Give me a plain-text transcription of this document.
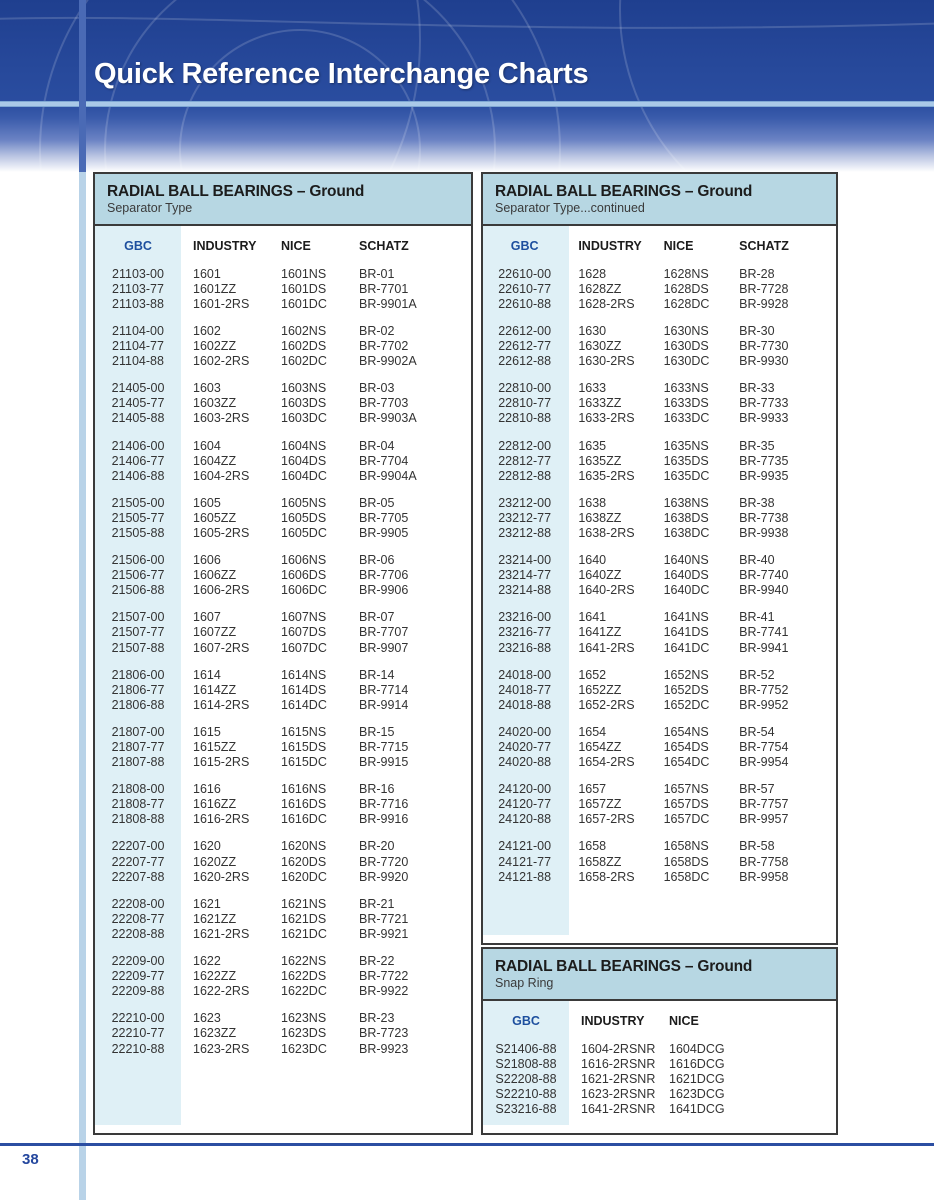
Quick Reference Interchange Charts
RADIAL BALL BEARINGS – Ground
Separator Type
GBC	INDUSTRY	NICE	SCHATZ
21103-00	1601	1601NS	BR-01
21103-77	1601ZZ	1601DS	BR-7701
21103-88	1601-2RS	1601DC	BR-9901A
21104-00	1602	1602NS	BR-02
21104-77	1602ZZ	1602DS	BR-7702
21104-88	1602-2RS	1602DC	BR-9902A
21405-00	1603	1603NS	BR-03
21405-77	1603ZZ	1603DS	BR-7703
21405-88	1603-2RS	1603DC	BR-9903A
21406-00	1604	1604NS	BR-04
21406-77	1604ZZ	1604DS	BR-7704
21406-88	1604-2RS	1604DC	BR-9904A
21505-00	1605	1605NS	BR-05
21505-77	1605ZZ	1605DS	BR-7705
21505-88	1605-2RS	1605DC	BR-9905
21506-00	1606	1606NS	BR-06
21506-77	1606ZZ	1606DS	BR-7706
21506-88	1606-2RS	1606DC	BR-9906
21507-00	1607	1607NS	BR-07
21507-77	1607ZZ	1607DS	BR-7707
21507-88	1607-2RS	1607DC	BR-9907
21806-00	1614	1614NS	BR-14
21806-77	1614ZZ	1614DS	BR-7714
21806-88	1614-2RS	1614DC	BR-9914
21807-00	1615	1615NS	BR-15
21807-77	1615ZZ	1615DS	BR-7715
21807-88	1615-2RS	1615DC	BR-9915
21808-00	1616	1616NS	BR-16
21808-77	1616ZZ	1616DS	BR-7716
21808-88	1616-2RS	1616DC	BR-9916
22207-00	1620	1620NS	BR-20
22207-77	1620ZZ	1620DS	BR-7720
22207-88	1620-2RS	1620DC	BR-9920
22208-00	1621	1621NS	BR-21
22208-77	1621ZZ	1621DS	BR-7721
22208-88	1621-2RS	1621DC	BR-9921
22209-00	1622	1622NS	BR-22
22209-77	1622ZZ	1622DS	BR-7722
22209-88	1622-2RS	1622DC	BR-9922
22210-00	1623	1623NS	BR-23
22210-77	1623ZZ	1623DS	BR-7723
22210-88	1623-2RS	1623DC	BR-9923
RADIAL BALL BEARINGS – Ground
Separator Type...continued
GBC	INDUSTRY	NICE	SCHATZ
22610-00	1628	1628NS	BR-28
22610-77	1628ZZ	1628DS	BR-7728
22610-88	1628-2RS	1628DC	BR-9928
22612-00	1630	1630NS	BR-30
22612-77	1630ZZ	1630DS	BR-7730
22612-88	1630-2RS	1630DC	BR-9930
22810-00	1633	1633NS	BR-33
22810-77	1633ZZ	1633DS	BR-7733
22810-88	1633-2RS	1633DC	BR-9933
22812-00	1635	1635NS	BR-35
22812-77	1635ZZ	1635DS	BR-7735
22812-88	1635-2RS	1635DC	BR-9935
23212-00	1638	1638NS	BR-38
23212-77	1638ZZ	1638DS	BR-7738
23212-88	1638-2RS	1638DC	BR-9938
23214-00	1640	1640NS	BR-40
23214-77	1640ZZ	1640DS	BR-7740
23214-88	1640-2RS	1640DC	BR-9940
23216-00	1641	1641NS	BR-41
23216-77	1641ZZ	1641DS	BR-7741
23216-88	1641-2RS	1641DC	BR-9941
24018-00	1652	1652NS	BR-52
24018-77	1652ZZ	1652DS	BR-7752
24018-88	1652-2RS	1652DC	BR-9952
24020-00	1654	1654NS	BR-54
24020-77	1654ZZ	1654DS	BR-7754
24020-88	1654-2RS	1654DC	BR-9954
24120-00	1657	1657NS	BR-57
24120-77	1657ZZ	1657DS	BR-7757
24120-88	1657-2RS	1657DC	BR-9957
24121-00	1658	1658NS	BR-58
24121-77	1658ZZ	1658DS	BR-7758
24121-88	1658-2RS	1658DC	BR-9958
RADIAL BALL BEARINGS – Ground
Snap Ring
GBC	INDUSTRY	NICE
S21406-88	1604-2RSNR	1604DCG
S21808-88	1616-2RSNR	1616DCG
S22208-88	1621-2RSNR	1621DCG
S22210-88	1623-2RSNR	1623DCG
S23216-88	1641-2RSNR	1641DCG
38
